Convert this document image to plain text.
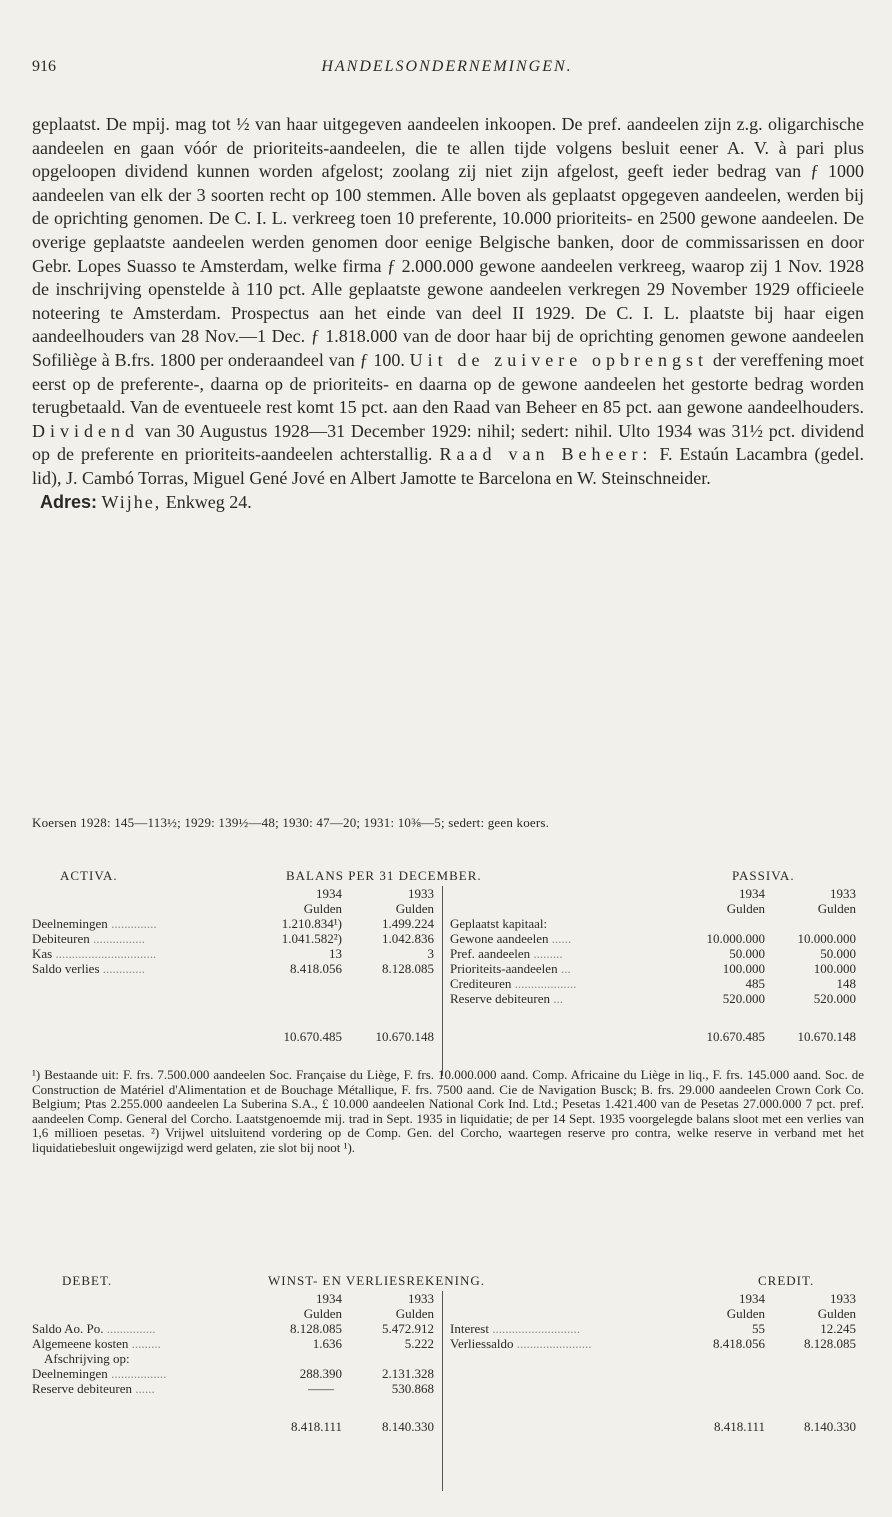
916	HANDELSONDERNEMINGEN.

geplaatst. De mpij. mag tot ½ van haar uitgegeven aandeelen inkoopen. De pref. aandeelen zijn z.g. oligarchische aandeelen en gaan vóór de prioriteits-aandeelen, die te allen tijde volgens besluit eener A. V. à pari plus opgeloopen dividend kunnen worden afgelost; zoolang zij niet zijn afgelost, geeft ieder bedrag van ƒ 1000 aandeelen van elk der 3 soorten recht op 100 stemmen. Alle boven als geplaatst opgegeven aandeelen, werden bij de oprichting genomen. De C. I. L. verkreeg toen 10 preferente, 10.000 prioriteits- en 2500 gewone aandeelen. De overige geplaatste aandeelen werden genomen door eenige Belgische banken, door de commissarissen en door Gebr. Lopes Suasso te Amsterdam, welke firma ƒ 2.000.000 gewone aandeelen verkreeg, waarop zij 1 Nov. 1928 de inschrijving openstelde à 110 pct. Alle geplaatste gewone aandeelen verkregen 29 November 1929 officieele noteering te Amsterdam. Prospectus aan het einde van deel II 1929. De C. I. L. plaatste bij haar eigen aandeelhouders van 28 Nov.—1 Dec. ƒ 1.818.000 van de door haar bij de oprichting genomen gewone aandeelen Sofiliège à B.frs. 1800 per onderaandeel van ƒ 100. Uit de zuivere opbrengst der vereffening moet eerst op de preferente-, daarna op de prioriteits- en daarna op de gewone aandeelen het gestorte bedrag worden terugbetaald. Van de eventueele rest komt 15 pct. aan den Raad van Beheer en 85 pct. aan gewone aandeelhouders. Dividend van 30 Augustus 1928—31 December 1929: nihil; sedert: nihil. Ulto 1934 was 31½ pct. dividend op de preferente en prioriteits-aandeelen achterstallig. Raad van Beheer: F. Estaún Lacambra (gedel. lid), J. Cambó Torras, Miguel Gené Jové en Albert Jamotte te Barcelona en W. Steinschneider.

Adres: Wijhe, Enkweg 24.

Koersen 1928: 145—113½; 1929: 139½—48; 1930: 47—20; 1931: 10⅜—5; sedert: geen koers.
ACTIVA.	BALANS PER 31 DECEMBER.	PASSIVA.
	1934	1933
	Gulden	Gulden
Deelnemingen ..............	1.210.834¹)	1.499.224
Debiteuren ................	1.041.582²)	1.042.836
Kas ...............................	13	3
Saldo verlies .............	8.418.056	8.128.085

	10.670.485	10.670.148
	1934	1933
	Gulden	Gulden
Geplaatst kapitaal:		
Gewone aandeelen ......	10.000.000	10.000.000
Pref. aandeelen .........	50.000	50.000
Prioriteits-aandeelen ...	100.000	100.000
Crediteuren ...................	485	148
Reserve debiteuren ...	520.000	520.000

	10.670.485	10.670.148
¹) Bestaande uit: F. frs. 7.500.000 aandeelen Soc. Française du Liège, F. frs. 10.000.000 aand. Comp. Africaine du Liège in liq., F. frs. 145.000 aand. Soc. de Construction de Matériel d'Alimentation et de Bouchage Métallique, F. frs. 7500 aand. Cie de Navigation Busck; B. frs. 29.000 aandeelen Crown Cork Co. Belgium; Ptas 2.255.000 aandeelen La Suberina S.A., £ 10.000 aandeelen National Cork Ind. Ltd.; Pesetas 1.421.400 van de Pesetas 27.000.000 7 pct. pref. aandeelen Comp. General del Corcho. Laatstgenoemde mij. trad in Sept. 1935 in liquidatie; de per 14 Sept. 1935 voorgelegde balans sloot met een verlies van 1,6 millioen pesetas. ²) Vrijwel uitsluitend vordering op de Comp. Gen. del Corcho, waartegen reserve pro contra, welke reserve in verband met het liquidatiebesluit ongewijzigd werd gelaten, zie slot bij noot ¹).
DEBET.	WINST- EN VERLIESREKENING.	CREDIT.
	1934	1933
	Gulden	Gulden
Saldo Ao. Po. ...............	8.128.085	5.472.912
Algemeene kosten .........	1.636	5.222
Afschrijving op:		
Deelnemingen .................	288.390	2.131.328
Reserve debiteuren ......	——	530.868

	8.418.111	8.140.330
	1934	1933
	Gulden	Gulden
Interest ...........................	55	12.245
Verliessaldo .......................	8.418.056	8.128.085

	8.418.111	8.140.330
